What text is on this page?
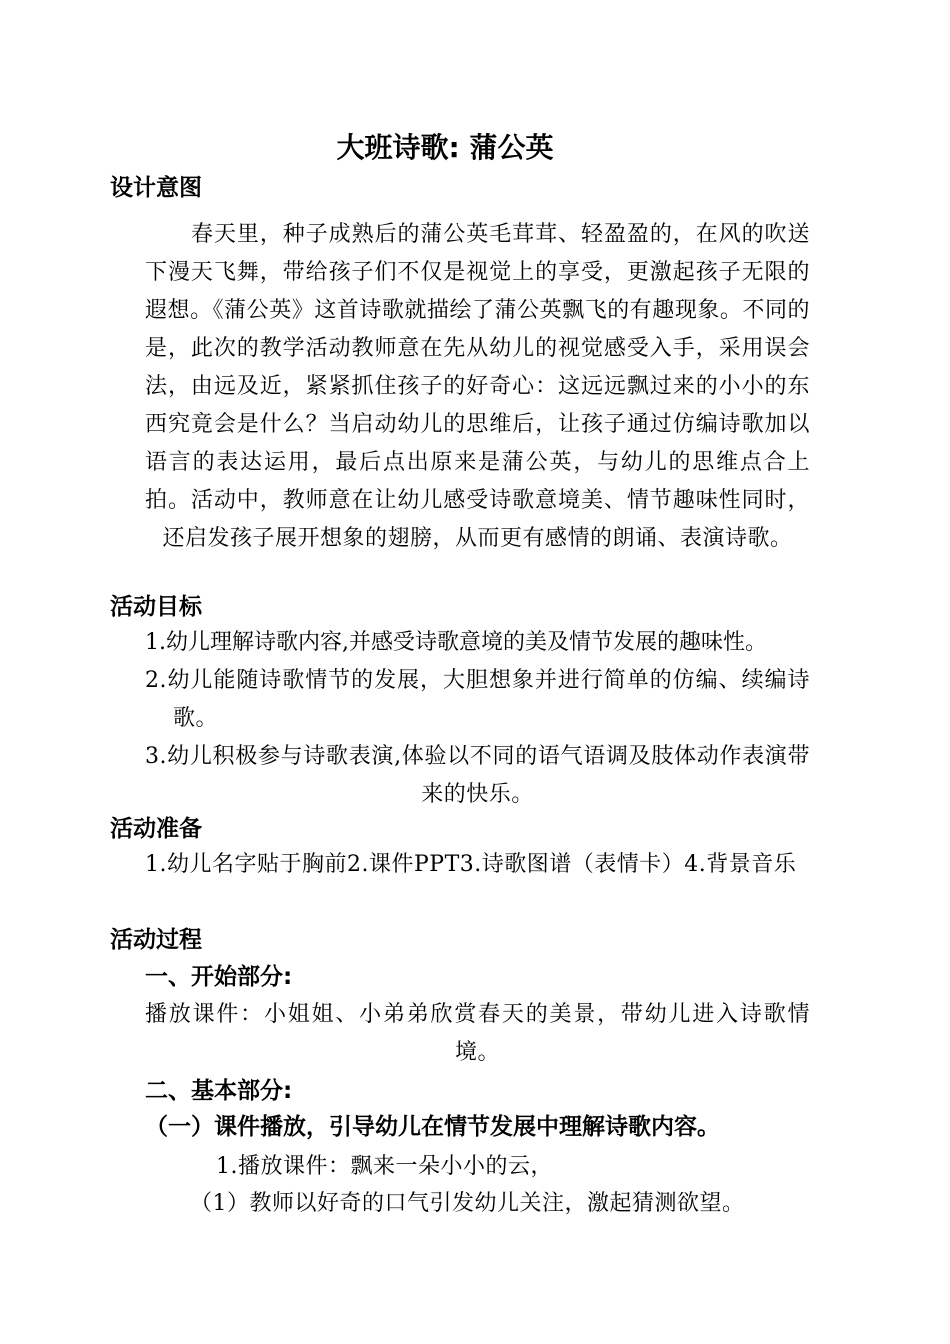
大班诗歌: 蒲公英
设计意图
春天里，种子成熟后的蒲公英毛茸茸、轻盈盈的，在风的吹送下漫天飞舞，带给孩子们不仅是视觉上的享受，更激起孩子无限的遐想。《蒲公英》这首诗歌就描绘了蒲公英飘飞的有趣现象。不同的是，此次的教学活动教师意在先从幼儿的视觉感受入手，采用误会法，由远及近，紧紧抓住孩子的好奇心：这远远飘过来的小小的东西究竟会是什么？当启动幼儿的思维后，让孩子通过仿编诗歌加以语言的表达运用，最后点出原来是蒲公英，与幼儿的思维点合上拍。活动中，教师意在让幼儿感受诗歌意境美、情节趣味性同时，还启发孩子展开想象的翅膀，从而更有感情的朗诵、表演诗歌。
活动目标
1.幼儿理解诗歌内容,并感受诗歌意境的美及情节发展的趣味性。
2.幼儿能随诗歌情节的发展，大胆想象并进行简单的仿编、续编诗歌。
3.幼儿积极参与诗歌表演,体验以不同的语气语调及肢体动作表演带来的快乐。
活动准备
1.幼儿名字贴于胸前2.课件PPT3.诗歌图谱（表情卡）4.背景音乐
活动过程
一、开始部分:
播放课件：小姐姐、小弟弟欣赏春天的美景，带幼儿进入诗歌情境。
二、基本部分:
（一）课件播放，引导幼儿在情节发展中理解诗歌内容。
1.播放课件：飘来一朵小小的云，
（1）教师以好奇的口气引发幼儿关注，激起猜测欲望。
